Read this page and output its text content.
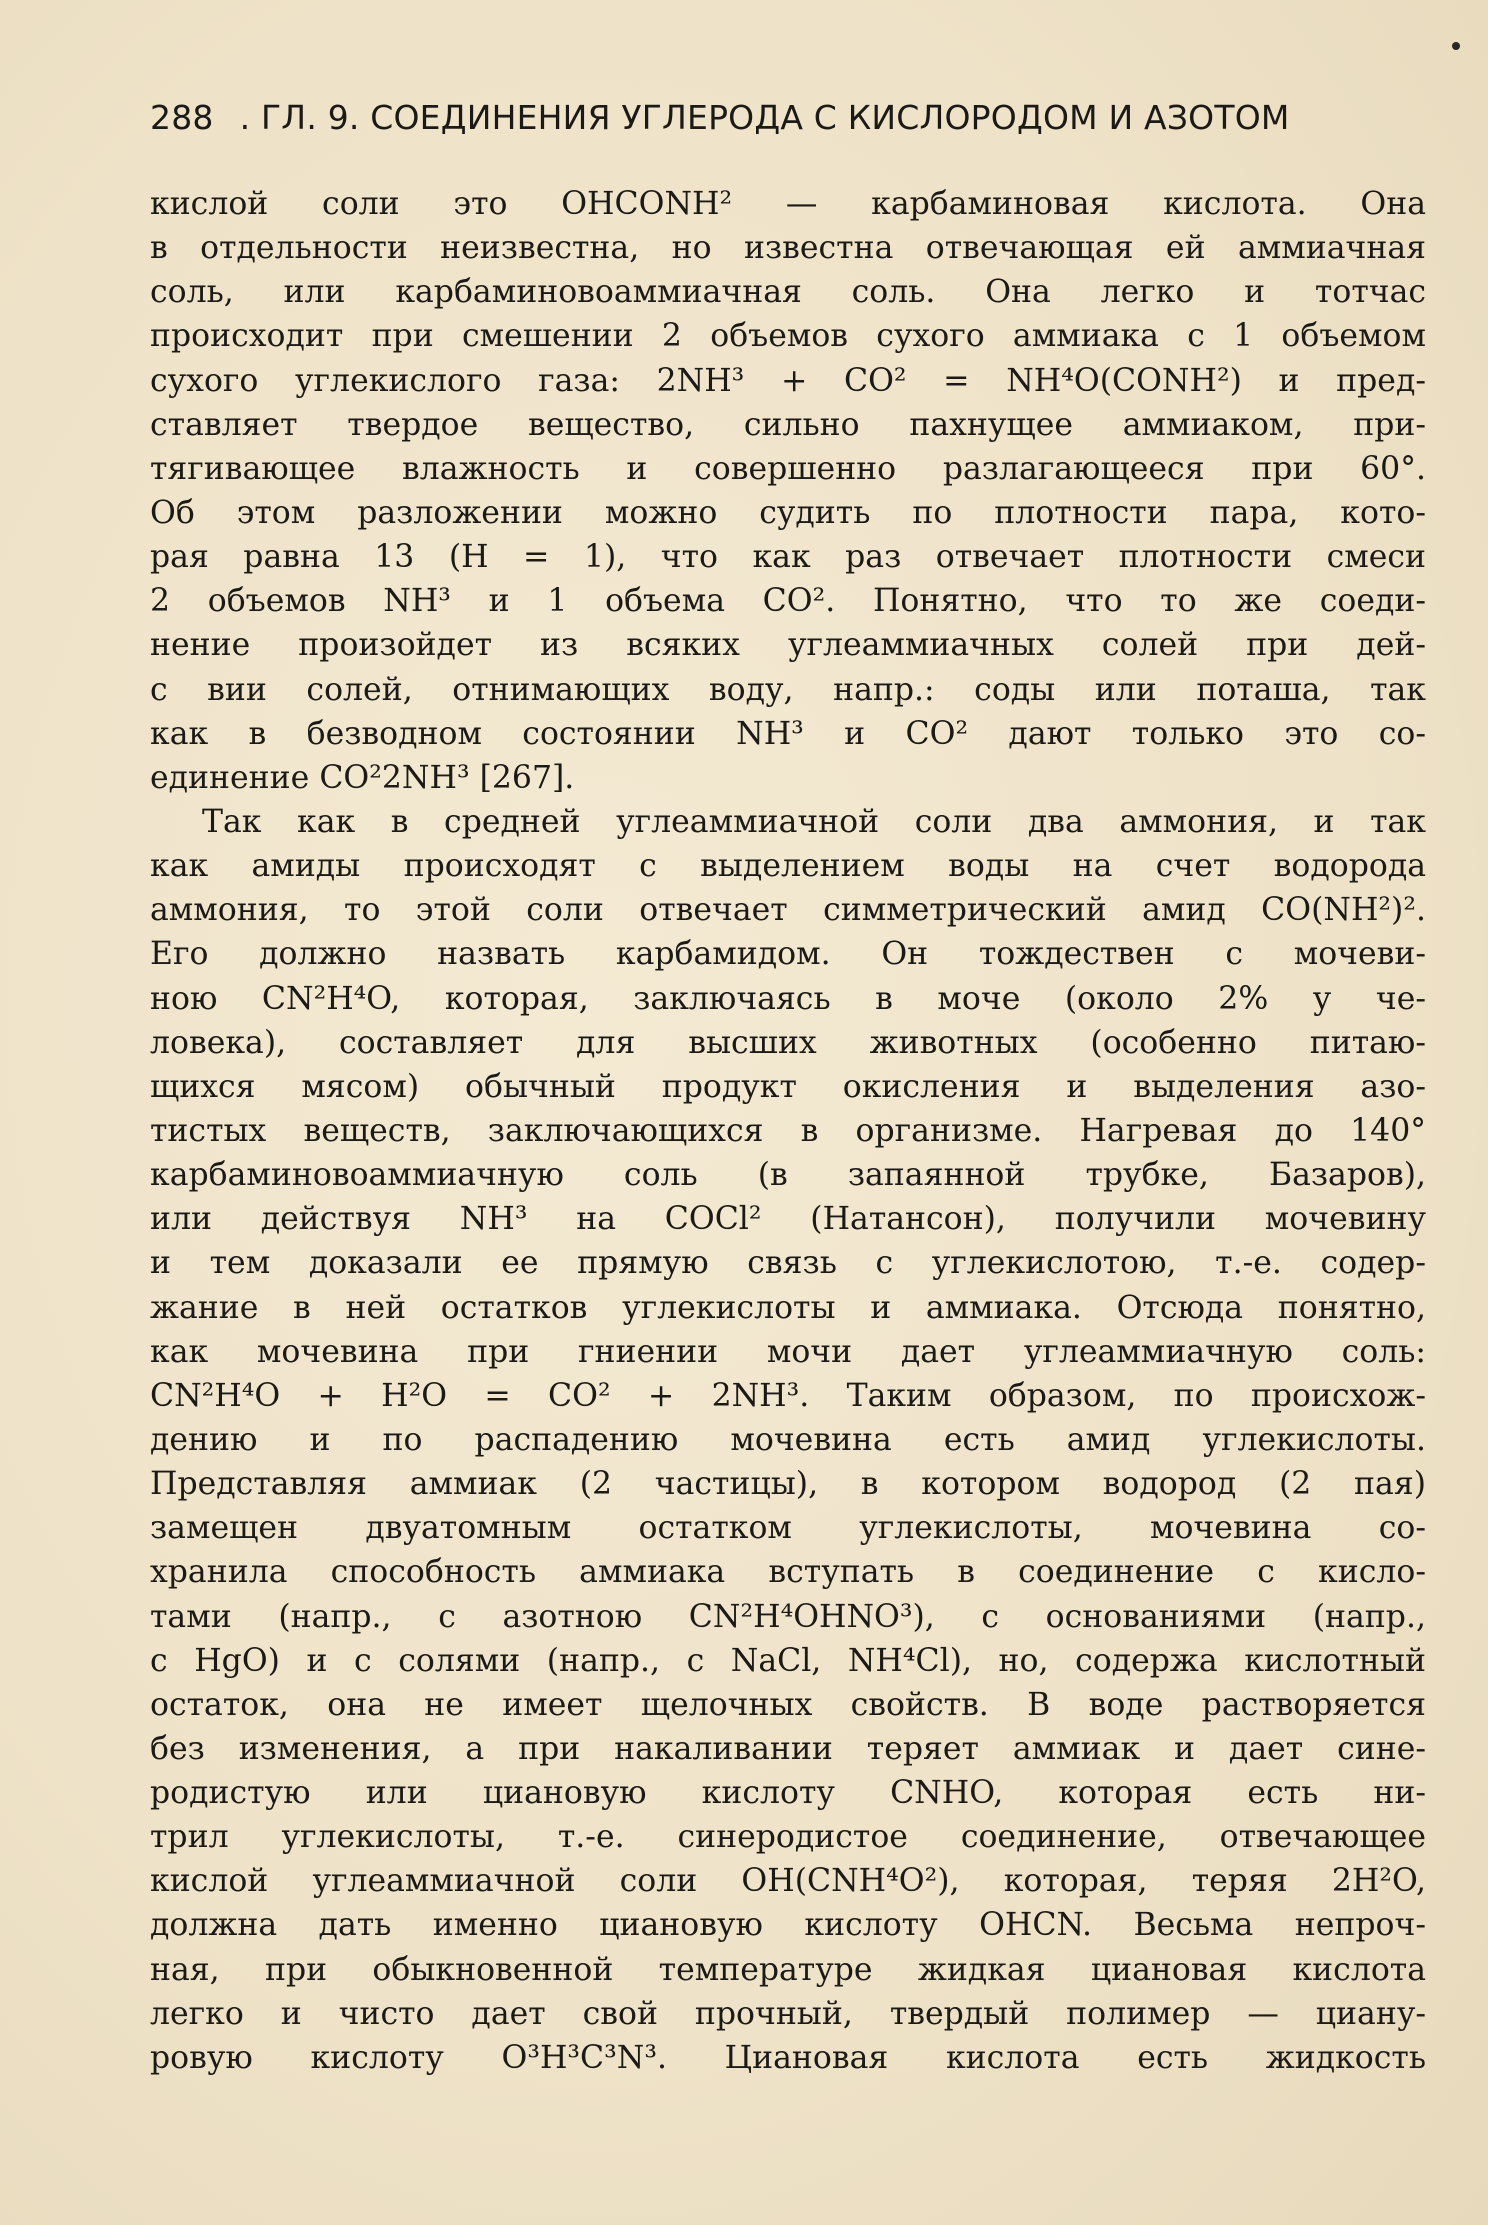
288 . ГЛ. 9. СОЕДИНЕНИЯ УГЛЕРОДА С КИСЛОРОДОМ И АЗОТОМ
кислой соли это OHCONH² — карбаминовая кислота. Она
в отдельности неизвестна, но известна отвечающая ей аммиачная
соль, или карбаминовоаммиачная соль. Она легко и тотчас
происходит при смешении 2 объемов сухого аммиака с 1 объемом
сухого углекислого газа: 2NH³ + CO² = NH⁴O(CONH²) и пред-
ставляет твердое вещество, сильно пахнущее аммиаком, при-
тягивающее влажность и совершенно разлагающееся при 60°.
Об этом разложении можно судить по плотности пара, кото-
рая равна 13 (H = 1), что как раз отвечает плотности смеси
2 объемов NH³ и 1 объема CO². Понятно, что то же соеди-
нение произойдет из всяких углеаммиачных солей при дей-
с вии солей, отнимающих воду, напр.: соды или поташа, так
как в безводном состоянии NH³ и CO² дают только это со-
единение CO²2NH³ [267].
Так как в средней углеаммиачной соли два аммония, и так
как амиды происходят с выделением воды на счет водорода
аммония, то этой соли отвечает симметрический амид CO(NH²)².
Его должно назвать карбамидом. Он тождествен с мочеви-
ною CN²H⁴O, которая, заключаясь в моче (около 2% у че-
ловека), составляет для высших животных (особенно питаю-
щихся мясом) обычный продукт окисления и выделения азо-
тистых веществ, заключающихся в организме. Нагревая до 140°
карбаминовоаммиачную соль (в запаянной трубке, Базаров),
или действуя NH³ на COCl² (Натансон), получили мочевину
и тем доказали ее прямую связь с углекислотою, т.-е. содер-
жание в ней остатков углекислоты и аммиака. Отсюда понятно,
как мочевина при гниении мочи дает углеаммиачную соль:
CN²H⁴O + H²O = CO² + 2NH³. Таким образом, по происхож-
дению и по распадению мочевина есть амид углекислоты.
Представляя аммиак (2 частицы), в котором водород (2 пая)
замещен двуатомным остатком углекислоты, мочевина со-
хранила способность аммиака вступать в соединение с кисло-
тами (напр., с азотною CN²H⁴OHNO³), с основаниями (напр.,
с HgO) и с солями (напр., с NaCl, NH⁴Cl), но, содержа кислотный
остаток, она не имеет щелочных свойств. В воде растворяется
без изменения, а при накаливании теряет аммиак и дает сине-
родистую или циановую кислоту CNHO, которая есть ни-
трил углекислоты, т.-е. синеродистое соединение, отвечающее
кислой углеаммиачной соли OH(CNH⁴O²), которая, теряя 2H²O,
должна дать именно циановую кислоту OHCN. Весьма непроч-
ная, при обыкновенной температуре жидкая циановая кислота
легко и чисто дает свой прочный, твердый полимер — циану-
ровую кислоту O³H³C³N³. Циановая кислота есть жидкость
